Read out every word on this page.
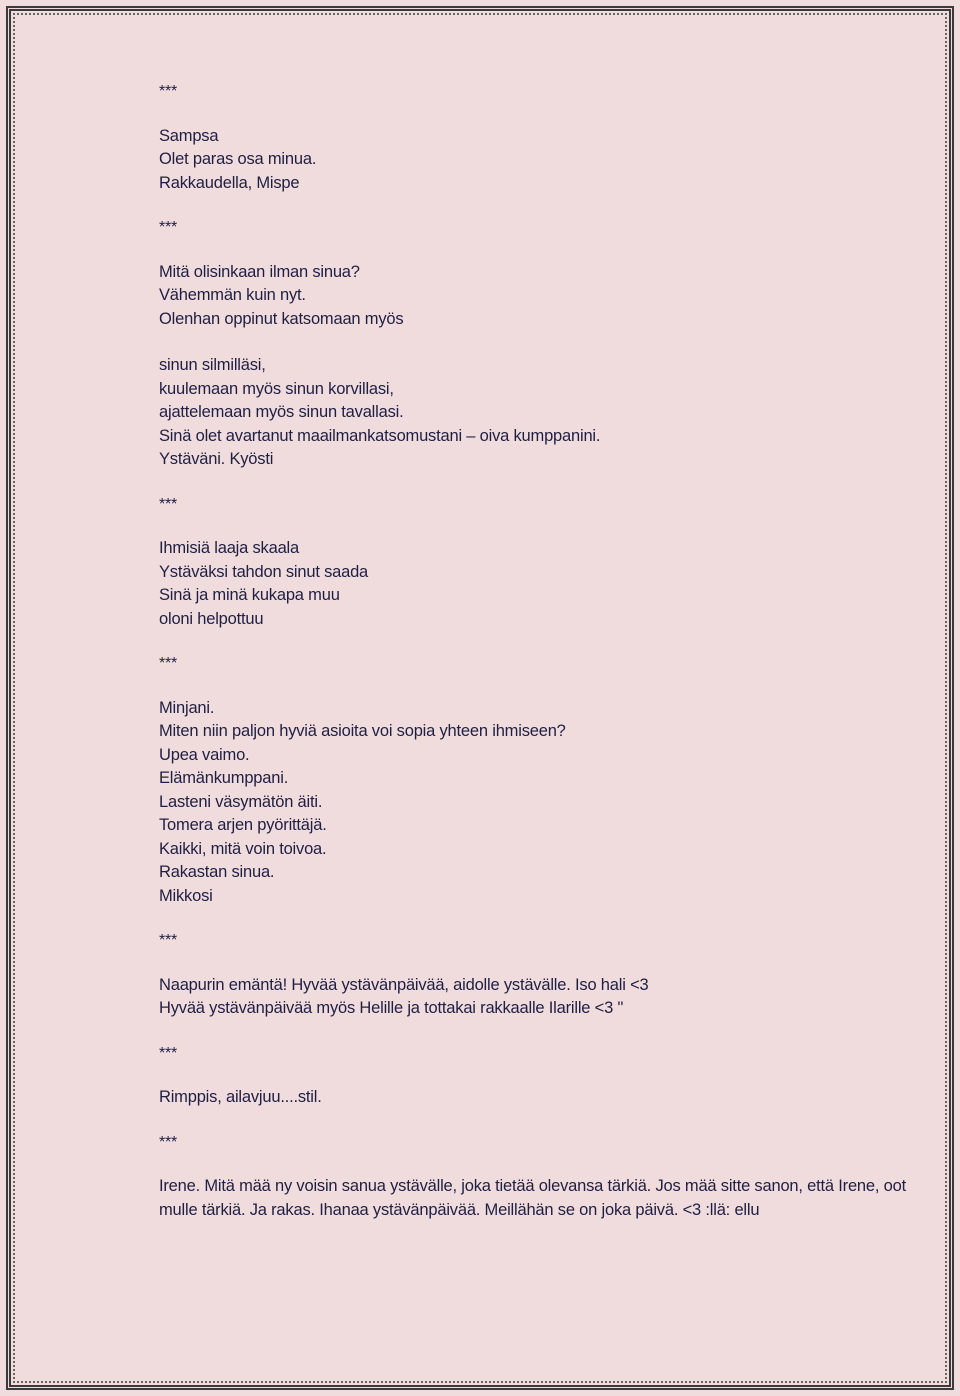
***
Sampsa
Olet paras osa minua.
Rakkaudella, Mispe
***
Mitä olisinkaan ilman sinua?
Vähemmän kuin nyt.
Olenhan oppinut katsomaan myös
sinun silmilläsi,
kuulemaan myös sinun korvillasi,
ajattelemaan myös sinun tavallasi.
Sinä olet avartanut maailmankatsomustani – oiva kumppanini.
Ystäväni. Kyösti
***
Ihmisiä laaja skaala
Ystäväksi tahdon sinut saada
Sinä ja minä kukapa muu
oloni helpottuu
***
Minjani.
Miten niin paljon hyviä asioita voi sopia yhteen ihmiseen?
Upea vaimo.
Elämänkumppani.
Lasteni väsymätön äiti.
Tomera arjen pyörittäjä.
Kaikki, mitä voin toivoa.
Rakastan sinua.
Mikkosi
***
Naapurin emäntä! Hyvää ystävänpäivää, aidolle ystävälle. Iso hali <3
Hyvää ystävänpäivää myös Helille ja tottakai rakkaalle Ilarille <3 "
***
Rimppis, ailavjuu....stil.
***
Irene. Mitä mää ny voisin sanua ystävälle, joka tietää olevansa tärkiä. Jos mää sitte sanon, että Irene, oot mulle tärkiä. Ja rakas. Ihanaa ystävänpäivää. Meillähän se on joka päivä. <3 :llä: ellu
